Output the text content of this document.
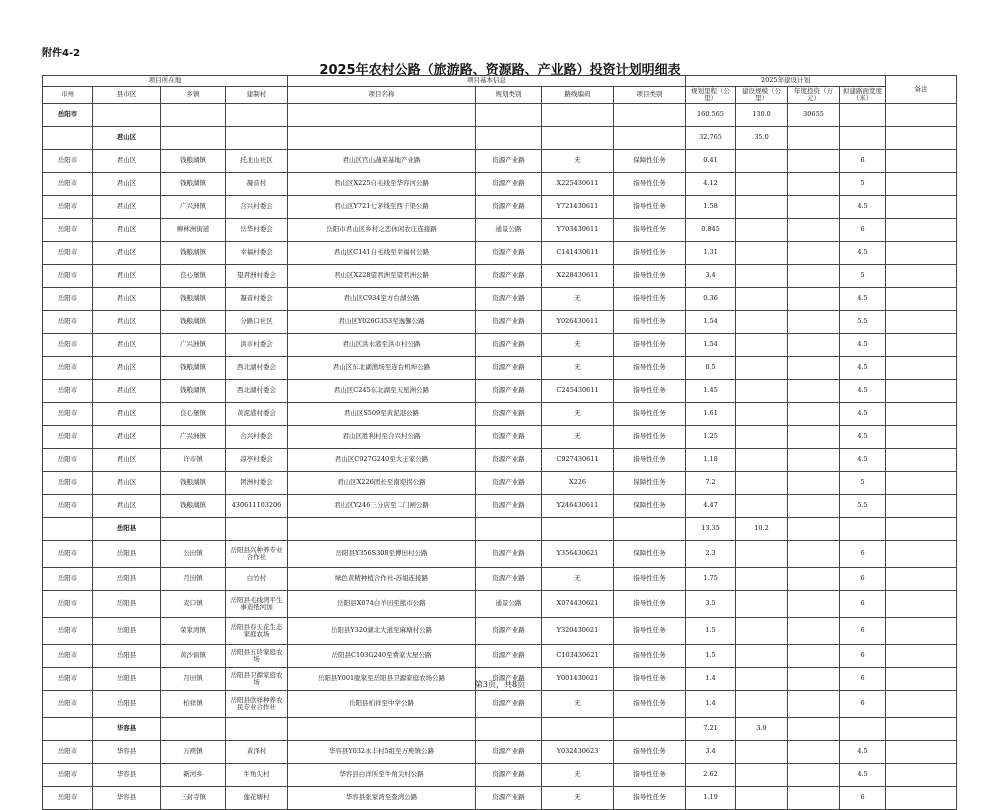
附件4-2
2025年农村公路（旅游路、资源路、产业路）投资计划明细表
项目所在地				项目基本信息				2025年建设计划				备注
市州	县市区	乡镇	建制村	项目名称	规划类别	路线编码	项目类别	规划里程（公里）	建设规模（公里）	年度投资（万元）	拟建路面宽度（米）	
岳阳市								160.565	130.0	30655		
	君山区							32.765	35.0			
岳阳市	君山区	钱粮湖镇	托北山社区	君山区官山蔬菜基地产业路	资源产业路	无	保障性任务	0.41			6	
岳阳市	君山区	钱粮湖镇	凝音村	君山区X225自毛线至华容河公路	资源产业路	X225430611	指导性任务	4.12			5	
岳阳市	君山区	广兴洲镇	合兴村委会	君山区Y721七茅线至西干渠公路	资源产业路	Y721430611	指导性任务	1.58			4.5	
岳阳市	君山区	柳林洲街道	岳华村委会	岳阳市君山区乡村之恋休闲农庄连接路	通景公路	Y703430611	指导性任务	0.845			6	
岳阳市	君山区	钱粮湖镇	幸福村委会	君山区C141自毛线至幸福村公路	资源产业路	C141430611	指导性任务	1.31			4.5	
岳阳市	君山区	良心堡镇	望君洲村委会	君山区X228望君洲至望君洲公路	资源产业路	X228430611	指导性任务	3.4			5	
岳阳市	君山区	钱粮湖镇	凝音村委会	君山区C934至方台湖公路	资源产业路	无	指导性任务	0.36			4.5	
岳阳市	君山区	钱粮湖镇	分路口社区	君山区Y026G353至逸馨公路	资源产业路	Y026430611	指导性任务	1.54			5.5	
岳阳市	君山区	广兴洲镇	洪市村委会	君山区洪水港至洪市村公路	资源产业路	无	指导性任务	1.54			4.5	
岳阳市	君山区	钱粮湖镇	西北湖村委会	君山区东北湖渔场至连台机埠公路	资源产业路	无	指导性任务	0.5			4.5	
岳阳市	君山区	钱粮湖镇	西北湖村委会	君山区C245东北湖至天星洲公路	资源产业路	C245430611	指导性任务	1.45			4.5	
岳阳市	君山区	良心堡镇	黄泥港村委会	君山区S509至黄泥港公路	资源产业路	无	指导性任务	1.61			4.5	
岳阳市	君山区	广兴洲镇	合兴村委会	君山区胜利村至合兴村公路	资源产业路	无	指导性任务	1.25			4.5	
岳阳市	君山区	许市镇	凉亭村委会	君山区C927G240至大王家公路	资源产业路	C927430611	指导性任务	1.18			4.5	
岳阳市	君山区	钱粮湖镇	团洲村委会	君山区X226团长至南堤拐公路	资源产业路	X226	保障性任务	7.2			5	
岳阳市	君山区	钱粮湖镇	430611103206	君山区Y246三分店至二门闸公路	资源产业路	Y246430611	保障性任务	4.47			5.5	
	岳阳县							13.35	10.2			
岳阳市	岳阳县	公田镇	岳阳县兴种养专业合作社	岳阳县Y356S308至傅田村公路	资源产业路	Y356430621	保障性任务	2.3			6	
岳阳市	岳阳县	月田镇	白竹村	绿色黄精种植合作社-苏姐连接路	资源产业路	无	指导性任务	1.75			6	
岳阳市	岳阳县	麦口镇	岳阳县毛线湾平生事造纸河加	岳阳县X074白羊田至熊市公路	通景公路	X074430621	指导性任务	3.5			6	
岳阳市	岳阳县	荣家湾镇	岳阳县春天花生态家庭农场	岳阳县Y320湖北大道至麻塘村公路	资源产业路	Y320430621	指导性任务	1.5			6	
岳阳市	岳阳县	黄沙街镇	岳阳县五玲家庭农场	岳阳县C103G240至费家大屋公路	资源产业路	C103430621	指导性任务	1.5			6	
岳阳市	岳阳县	月田镇	岳阳县卫源家庭农场	岳阳县Y001脱家至岳阳县卫源家庭农场公路	资源产业路	Y001430621	指导性任务	1.4			6	
岳阳市	岳阳县	柏祥镇	岳阳县欣祥种养农民专业合作社	岳阳县柏祥至中学公路	资源产业路	无	指导性任务	1.4			6	
	华容县							7.21	3.9			
岳阳市	华容县	万庾镇	黄泽村	华容县Y032永丰村5组至万庾镇公路	资源产业路	Y032430623	指导性任务	3.4			4.5	
岳阳市	华容县	新河乡	牛角尖村	华容县白洋所至牛角尖村公路	资源产业路	无	指导性任务	2.62			4.5	
岳阳市	华容县	三封寺镇	莲花塘村	华容县张家湾至查湾公路	资源产业路	无	指导性任务	1.19			6	
第3页，共8页
